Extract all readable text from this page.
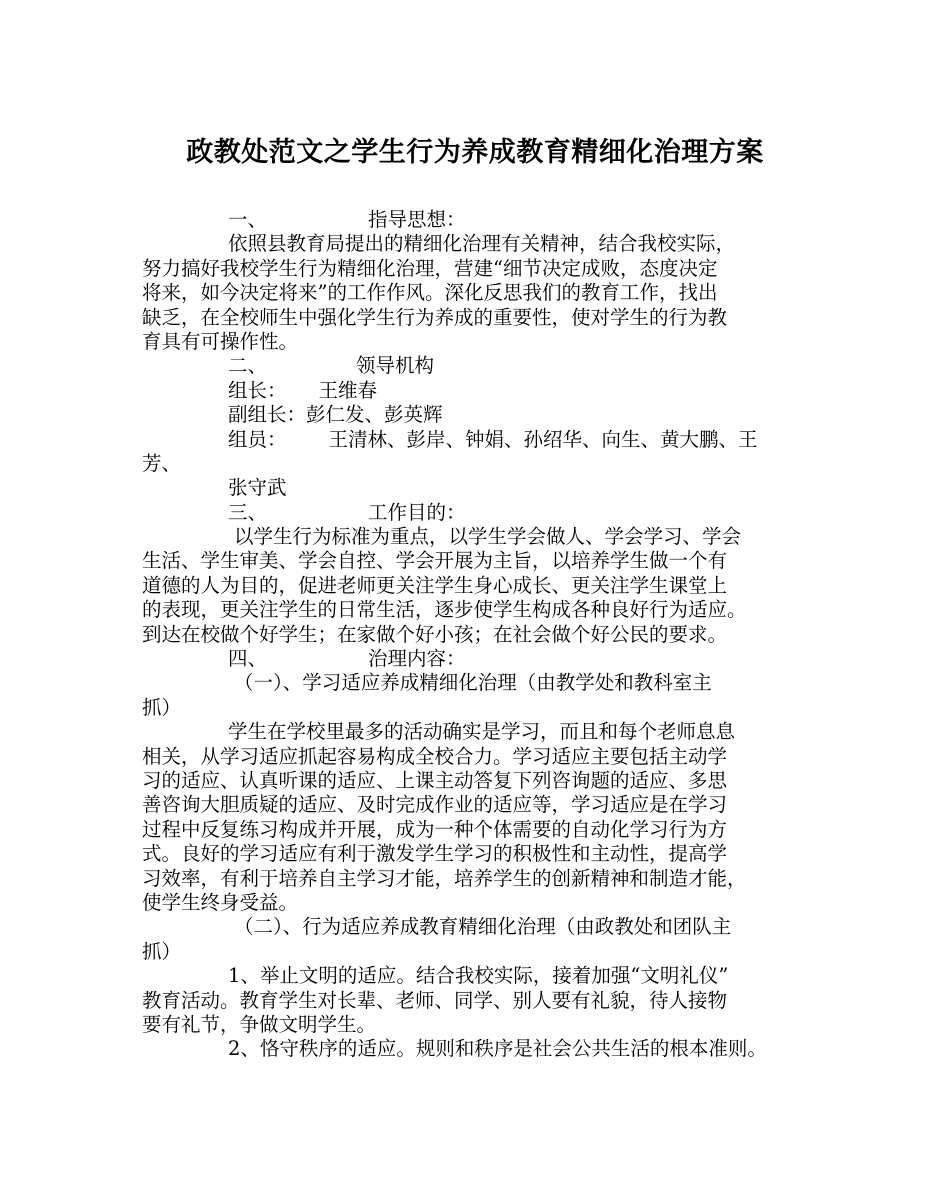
政教处范文之学生行为养成教育精细化治理方案
一、	指导思想：
依照县教育局提出的精细化治理有关精神，结合我校实际，
努力搞好我校学生行为精细化治理，营建“细节决定成败，态度决定
将来，如今决定将来”的工作作风。深化反思我们的教育工作，找出
缺乏，在全校师生中强化学生行为养成的重要性，使对学生的行为教
育具有可操作性。
二、	领导机构
组长： 王维春
副组长：彭仁发、彭英辉
组员： 王清林、彭岸、钟娟、孙绍华、向生、黄大鹏、王
芳、
张守武
三、	工作目的：
以学生行为标准为重点，以学生学会做人、学会学习、学会
生活、学生审美、学会自控、学会开展为主旨，以培养学生做一个有
道德的人为目的，促进老师更关注学生身心成长、更关注学生课堂上
的表现，更关注学生的日常生活，逐步使学生构成各种良好行为适应。
到达在校做个好学生；在家做个好小孩；在社会做个好公民的要求。
四、	治理内容：
（一）、学习适应养成精细化治理（由教学处和教科室主
抓）
学生在学校里最多的活动确实是学习，而且和每个老师息息
相关，从学习适应抓起容易构成全校合力。学习适应主要包括主动学
习的适应、认真听课的适应、上课主动答复下列咨询题的适应、多思
善咨询大胆质疑的适应、及时完成作业的适应等，学习适应是在学习
过程中反复练习构成并开展，成为一种个体需要的自动化学习行为方
式。良好的学习适应有利于激发学生学习的积极性和主动性，提高学
习效率，有利于培养自主学习才能，培养学生的创新精神和制造才能，
使学生终身受益。
（二）、行为适应养成教育精细化治理（由政教处和团队主
抓）
1、举止文明的适应。结合我校实际，接着加强“文明礼仪”
教育活动。教育学生对长辈、老师、同学、别人要有礼貌，待人接物
要有礼节，争做文明学生。
2、恪守秩序的适应。规则和秩序是社会公共生活的根本准则。
